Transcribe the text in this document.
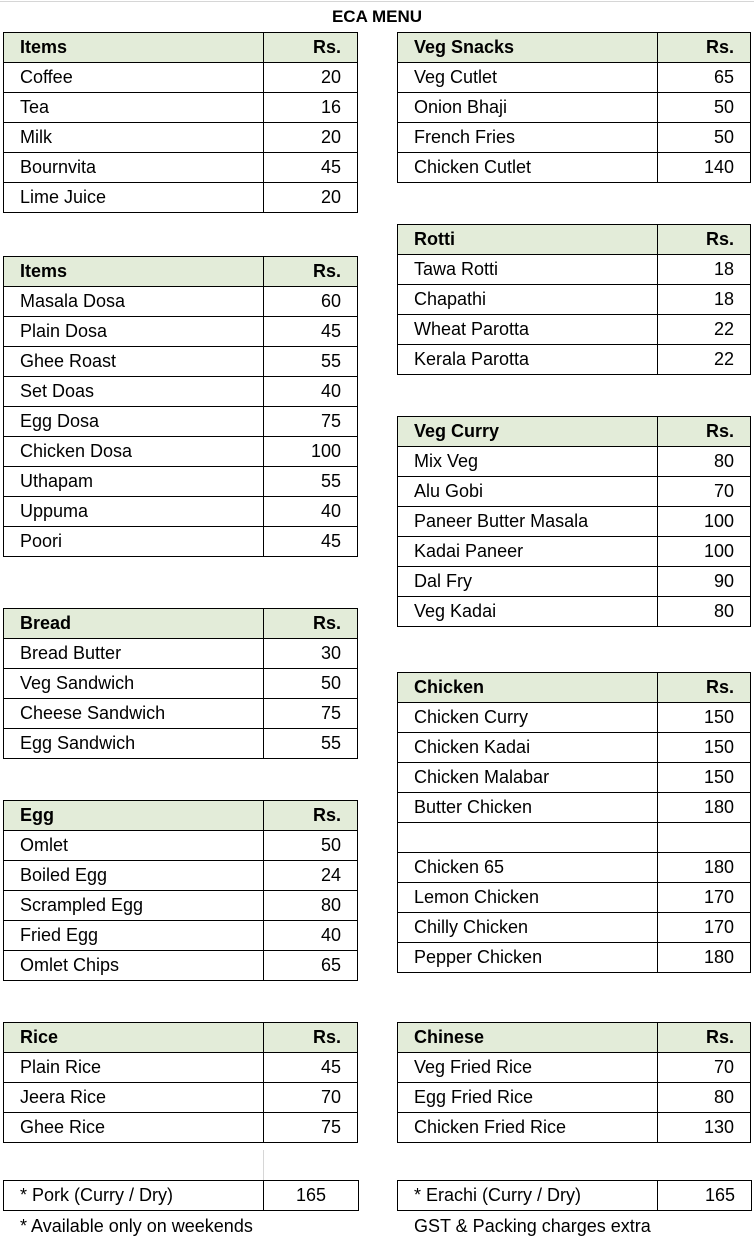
ECA MENU
Items	Rs.
Coffee	20
Tea	16
Milk	20
Bournvita	45
Lime Juice	20
Items	Rs.
Masala Dosa	60
Plain Dosa	45
Ghee Roast	55
Set Doas	40
Egg Dosa	75
Chicken Dosa	100
Uthapam	55
Uppuma	40
Poori	45
Bread	Rs.
Bread Butter	30
Veg Sandwich	50
Cheese Sandwich	75
Egg Sandwich	55
Egg	Rs.
Omlet	50
Boiled Egg	24
Scrampled Egg	80
Fried Egg	40
Omlet Chips	65
Rice	Rs.
Plain Rice	45
Jeera Rice	70
Ghee Rice	75
* Pork (Curry / Dry)	165
* Available only on weekends
Veg Snacks	Rs.
Veg Cutlet	65
Onion Bhaji	50
French Fries	50
Chicken Cutlet	140
Rotti	Rs.
Tawa Rotti	18
Chapathi	18
Wheat Parotta	22
Kerala Parotta	22
Veg Curry	Rs.
Mix Veg	80
Alu Gobi	70
Paneer Butter Masala	100
Kadai Paneer	100
Dal Fry	90
Veg Kadai	80
Chicken	Rs.
Chicken Curry	150
Chicken Kadai	150
Chicken Malabar	150
Butter Chicken	180

Chicken 65	180
Lemon Chicken	170
Chilly Chicken	170
Pepper Chicken	180
Chinese	Rs.
Veg Fried Rice	70
Egg Fried Rice	80
Chicken Fried Rice	130
* Erachi (Curry / Dry)	165
GST & Packing charges extra
